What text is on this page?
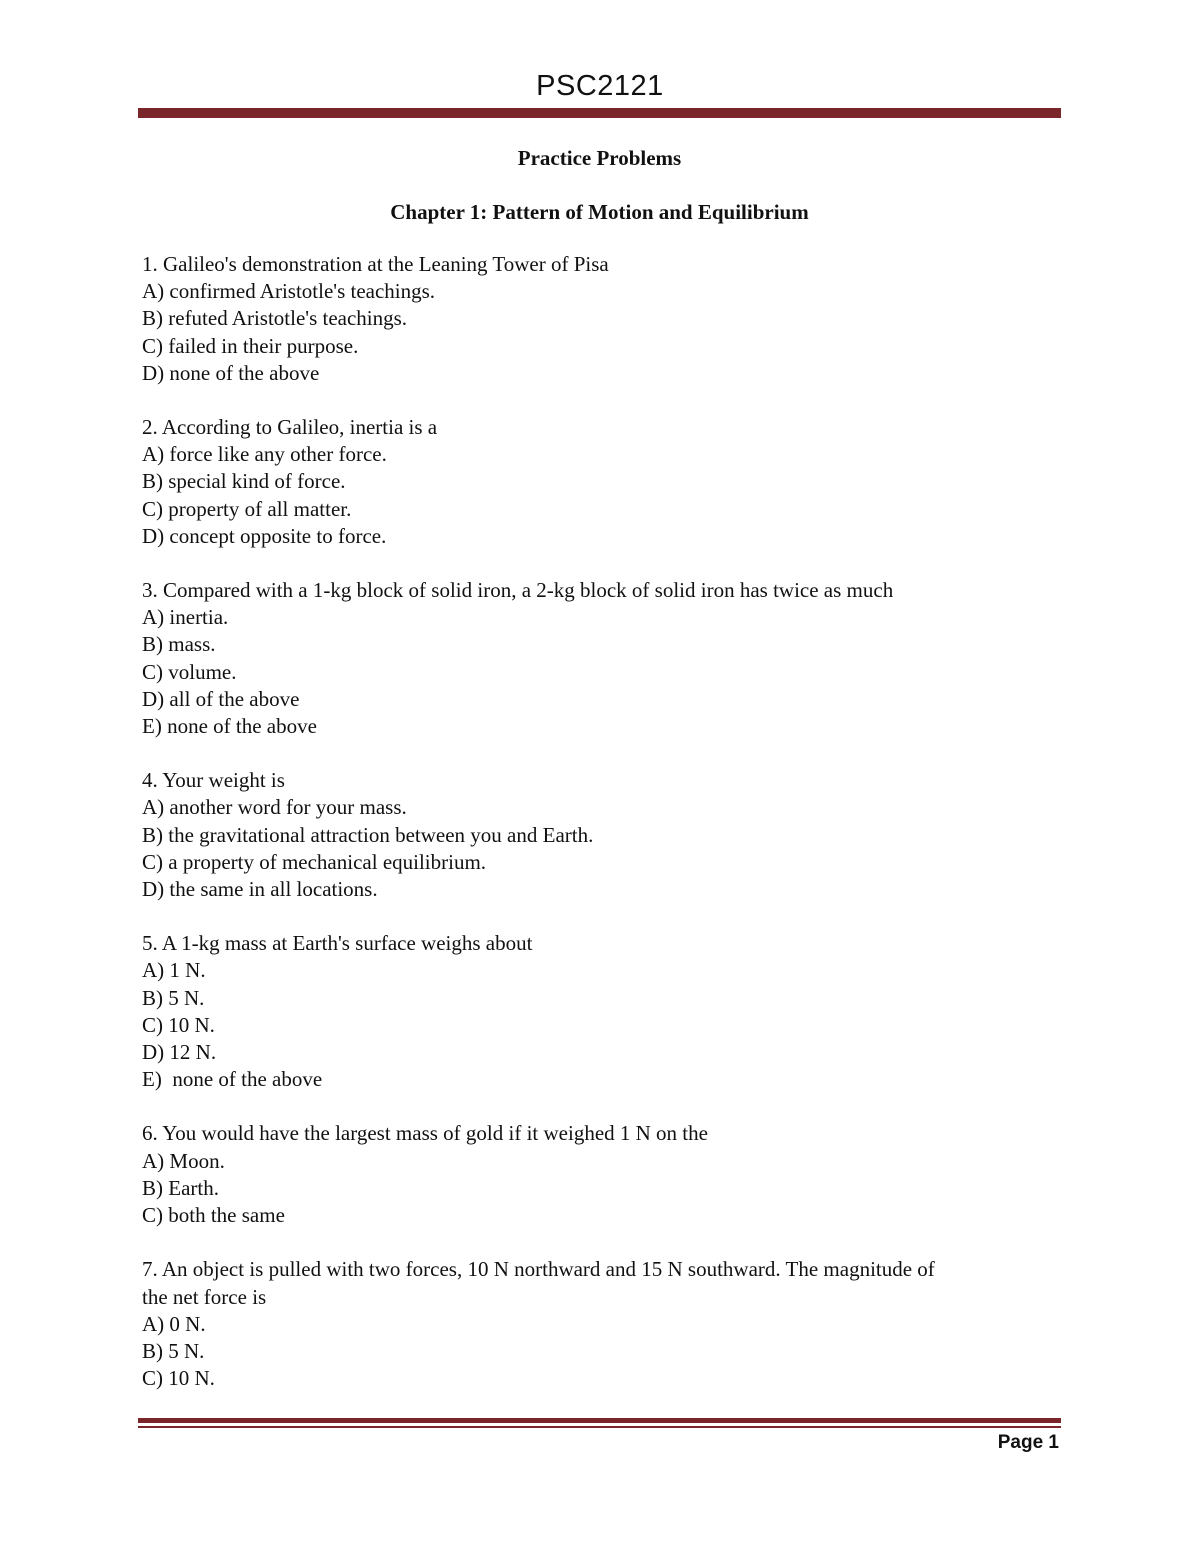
PSC2121

Practice Problems

Chapter 1: Pattern of Motion and Equilibrium

1. Galileo's demonstration at the Leaning Tower of Pisa
A) confirmed Aristotle's teachings.
B) refuted Aristotle's teachings.
C) failed in their purpose.
D) none of the above
2. According to Galileo, inertia is a
A) force like any other force.
B) special kind of force.
C) property of all matter.
D) concept opposite to force.
3. Compared with a 1-kg block of solid iron, a 2-kg block of solid iron has twice as much
A) inertia.
B) mass.
C) volume.
D) all of the above
E) none of the above
4. Your weight is
A) another word for your mass.
B) the gravitational attraction between you and Earth.
C) a property of mechanical equilibrium.
D) the same in all locations.
5. A 1-kg mass at Earth's surface weighs about
A) 1 N.
B) 5 N.
C) 10 N.
D) 12 N.
E)  none of the above
6. You would have the largest mass of gold if it weighed 1 N on the
A) Moon.
B) Earth.
C) both the same
7. An object is pulled with two forces, 10 N northward and 15 N southward. The magnitude of
the net force is
A) 0 N.
B) 5 N.
C) 10 N.
Page 1
